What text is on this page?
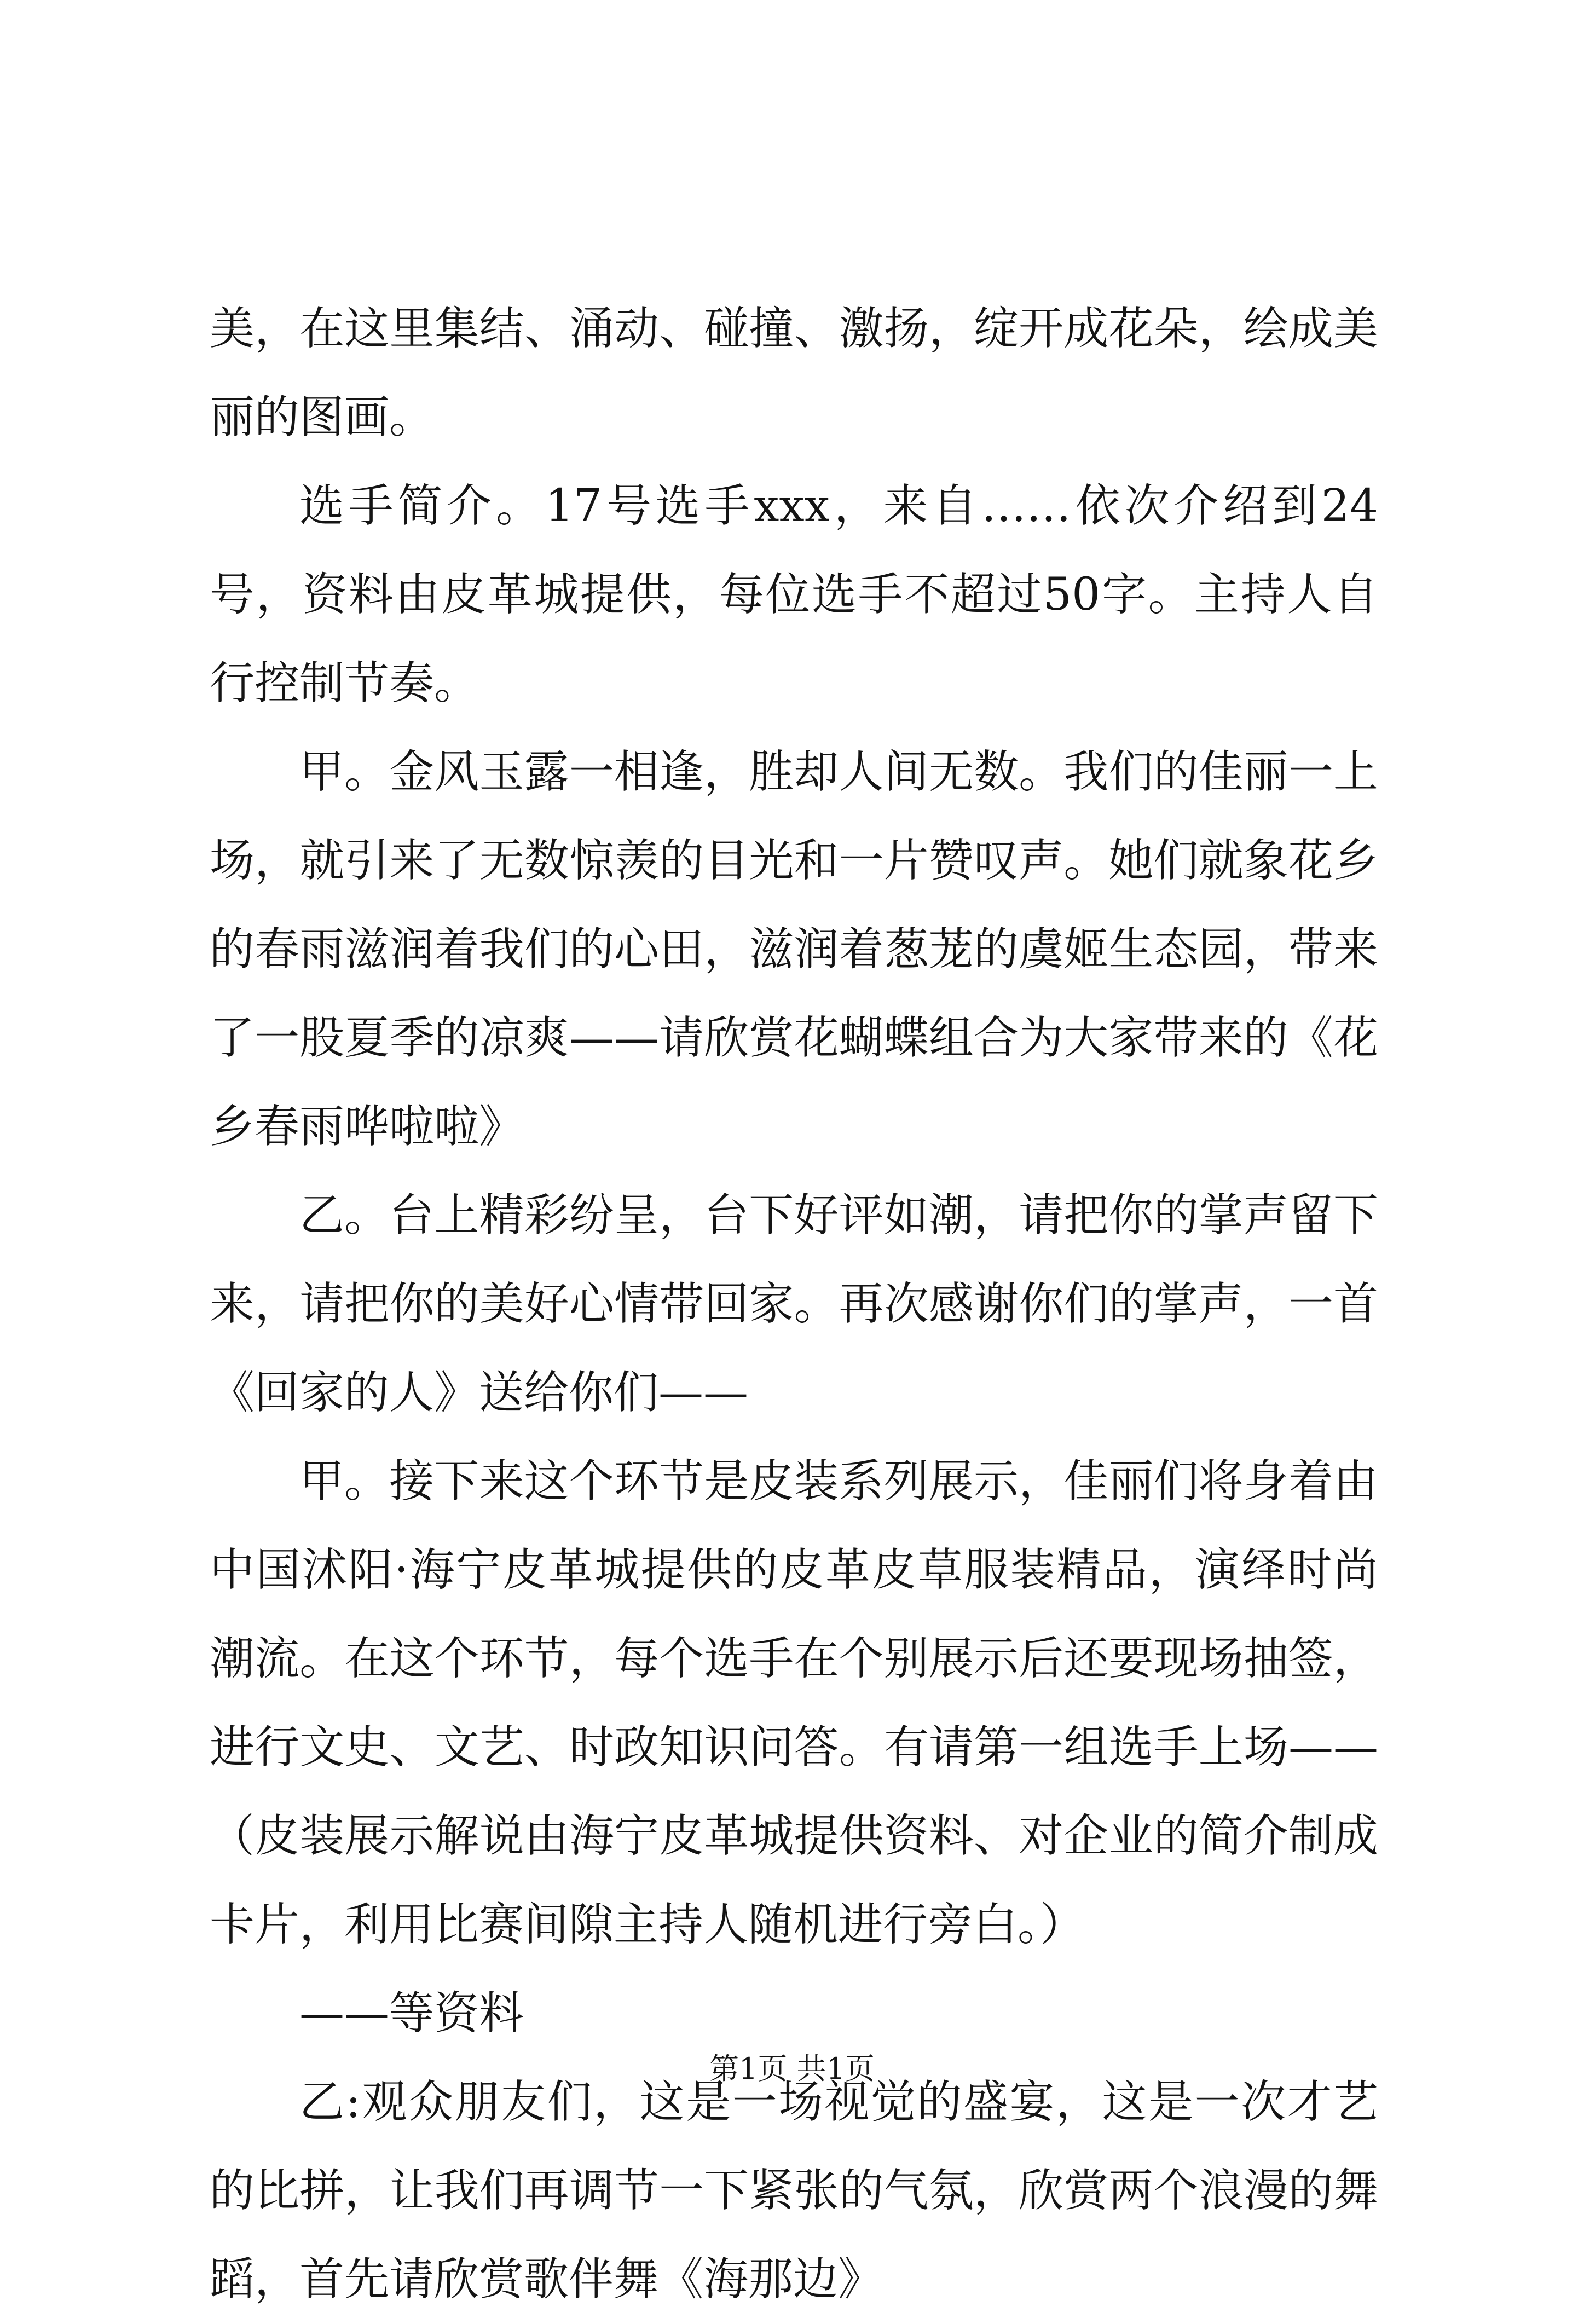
美，在这里集结、涌动、碰撞、激扬，绽开成花朵，绘成美丽的图画。

选手简介。17号选手xxx，来自……依次介绍到24号，资料由皮革城提供，每位选手不超过50字。主持人自行控制节奏。

甲。金风玉露一相逢，胜却人间无数。我们的佳丽一上场，就引来了无数惊羡的目光和一片赞叹声。她们就象花乡的春雨滋润着我们的心田，滋润着葱茏的虞姬生态园，带来了一股夏季的凉爽——请欣赏花蝴蝶组合为大家带来的《花乡春雨哗啦啦》

乙。台上精彩纷呈，台下好评如潮，请把你的掌声留下来，请把你的美好心情带回家。再次感谢你们的掌声，一首《回家的人》送给你们——

甲。接下来这个环节是皮装系列展示，佳丽们将身着由中国沭阳·海宁皮革城提供的皮革皮草服装精品，演绎时尚潮流。在这个环节，每个选手在个别展示后还要现场抽签，进行文史、文艺、时政知识问答。有请第一组选手上场——（皮装展示解说由海宁皮革城提供资料、对企业的简介制成卡片，利用比赛间隙主持人随机进行旁白。）

——等资料

乙:观众朋友们，这是一场视觉的盛宴，这是一次才艺的比拼，让我们再调节一下紧张的气氛，欣赏两个浪漫的舞蹈，首先请欣赏歌伴舞《海那边》

第1页 共1页
